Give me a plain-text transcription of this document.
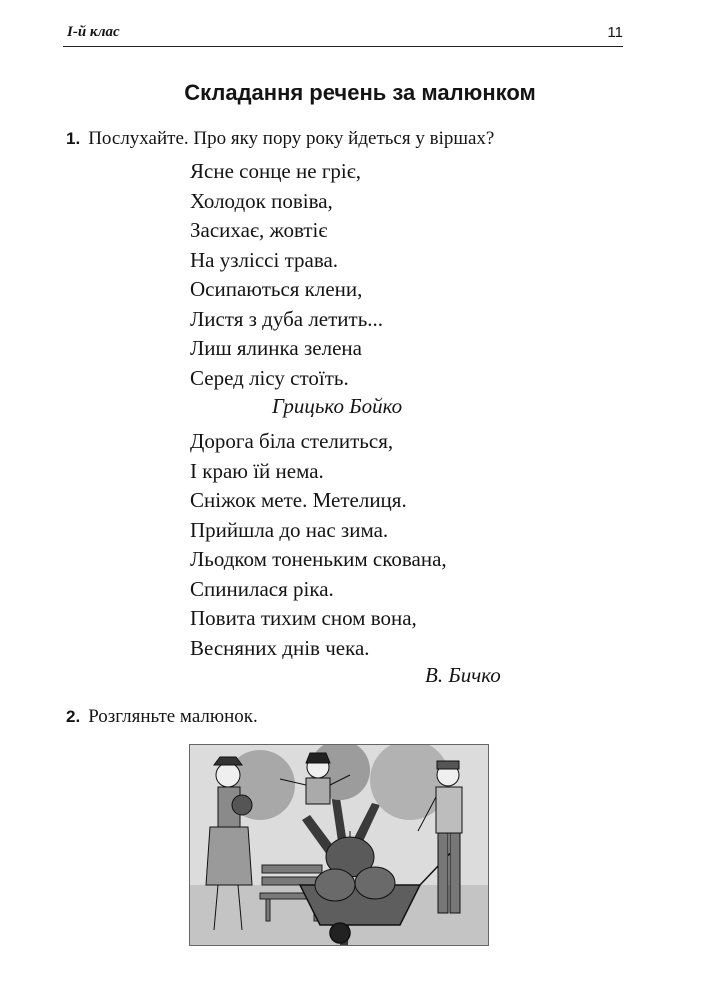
І-й клас	11
Складання речень за малюнком
1. Послухайте. Про яку пору року йдеться у віршах?
Ясне сонце не гріє,
Холодок повіва,
Засихає, жовтіє
На узліссі трава.
Осипаються клени,
Листя з дуба летить...
Лиш ялинка зелена
Серед лісу стоїть.
Грицько Бойко
Дорога біла стелиться,
І краю їй нема.
Сніжок мете. Метелиця.
Прийшла до нас зима.
Льодком тоненьким скована,
Спинилася ріка.
Повита тихим сном вона,
Весняних днів чека.
В. Бичко
2. Розгляньте малюнок.
